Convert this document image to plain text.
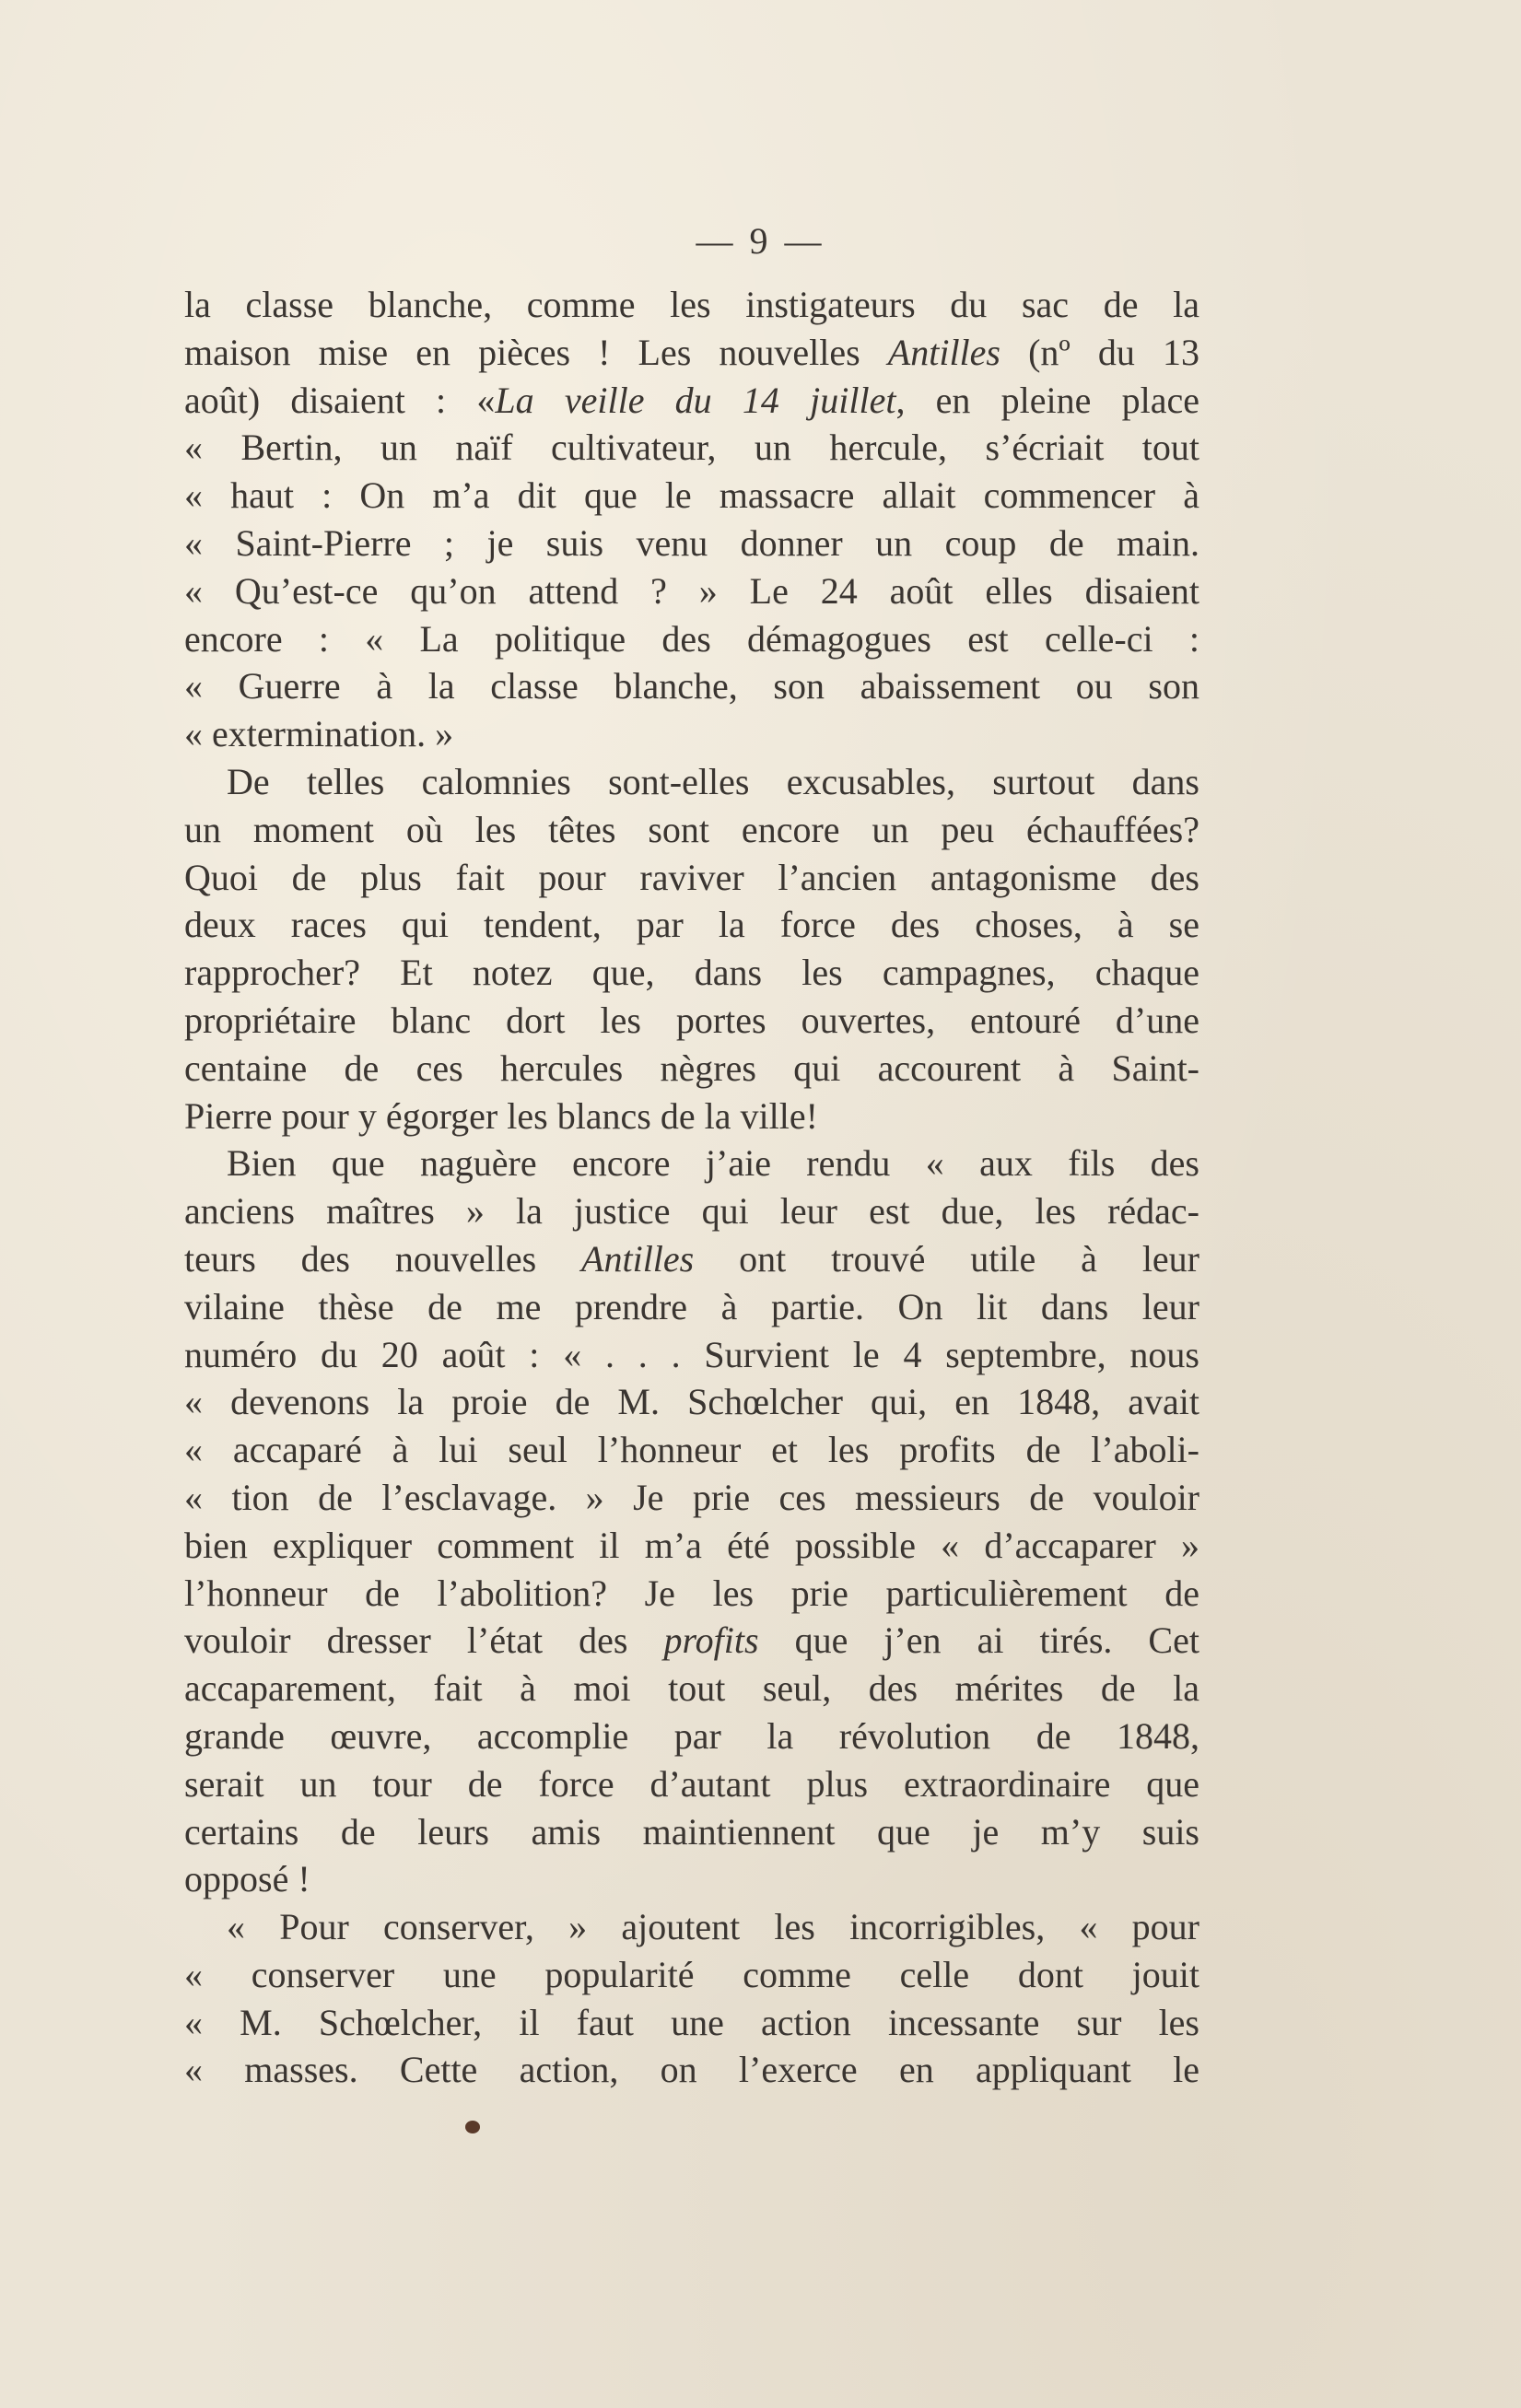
— 9 —
la classe blanche, comme les instigateurs du sac de la
maison mise en pièces ! Les nouvelles Antilles (nº du 13
août) disaient : «La veille du 14 juillet, en pleine place
« Bertin, un naïf cultivateur, un hercule, s’écriait tout
« haut : On m’a dit que le massacre allait commencer à
« Saint-Pierre ; je suis venu donner un coup de main.
« Qu’est-ce qu’on attend ? » Le 24 août elles disaient
encore : « La politique des démagogues est celle-ci :
« Guerre à la classe blanche, son abaissement ou son
« extermination. »
De telles calomnies sont-elles excusables, surtout dans
un moment où les têtes sont encore un peu échauffées?
Quoi de plus fait pour raviver l’ancien antagonisme des
deux races qui tendent, par la force des choses, à se
rapprocher? Et notez que, dans les campagnes, chaque
propriétaire blanc dort les portes ouvertes, entouré d’une
centaine de ces hercules nègres qui accourent à Saint-
Pierre pour y égorger les blancs de la ville!
Bien que naguère encore j’aie rendu « aux fils des
anciens maîtres » la justice qui leur est due, les rédac-
teurs des nouvelles Antilles ont trouvé utile à leur
vilaine thèse de me prendre à partie. On lit dans leur
numéro du 20 août : « . . . Survient le 4 septembre, nous
« devenons la proie de M. Schœlcher qui, en 1848, avait
« accaparé à lui seul l’honneur et les profits de l’aboli-
« tion de l’esclavage. » Je prie ces messieurs de vouloir
bien expliquer comment il m’a été possible « d’accaparer »
l’honneur de l’abolition? Je les prie particulièrement de
vouloir dresser l’état des profits que j’en ai tirés. Cet
accaparement, fait à moi tout seul, des mérites de la
grande œuvre, accomplie par la révolution de 1848,
serait un tour de force d’autant plus extraordinaire que
certains de leurs amis maintiennent que je m’y suis
opposé !
« Pour conserver, » ajoutent les incorrigibles, « pour
« conserver une popularité comme celle dont jouit
« M. Schœlcher, il faut une action incessante sur les
« masses. Cette action, on l’exerce en appliquant le
